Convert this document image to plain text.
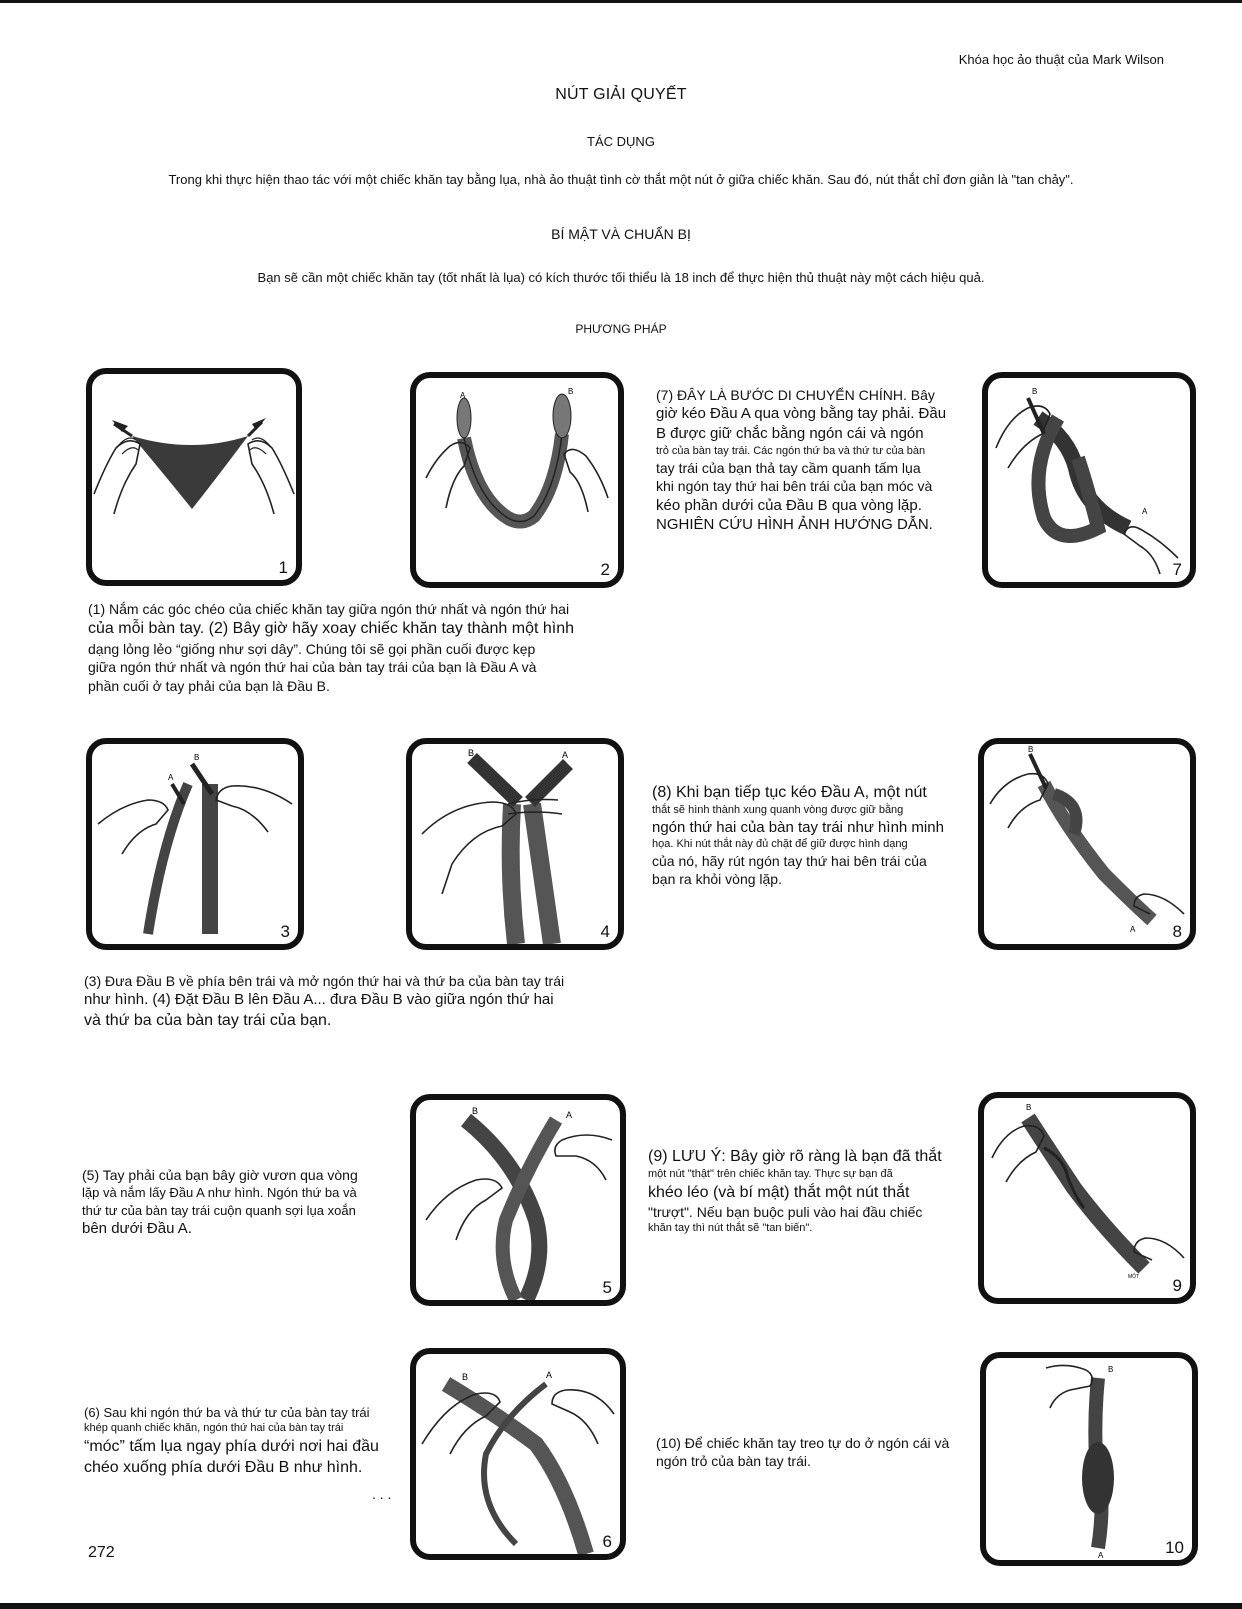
Khóa học ảo thuật của Mark Wilson
NÚT GIẢI QUYẾT
TÁC DỤNG
Trong khi thực hiện thao tác với một chiếc khăn tay bằng lụa, nhà ảo thuật tình cờ thắt một nút ở giữa chiếc khăn. Sau đó, nút thắt chỉ đơn giản là "tan chảy".
BÍ MẬT VÀ CHUẨN BỊ
Bạn sẽ cần một chiếc khăn tay (tốt nhất là lụa) có kích thước tối thiểu là 18 inch để thực hiện thủ thuật này một cách hiệu quả.
PHƯƠNG PHÁP
(1) Nắm các góc chéo của chiếc khăn tay giữa ngón thứ nhất và ngón thứ hai
của mỗi bàn tay. (2) Bây giờ hãy xoay chiếc khăn tay thành một hình
dạng lỏng lẻo “giống như sợi dây”. Chúng tôi sẽ gọi phần cuối được kẹp
giữa ngón thứ nhất và ngón thứ hai của bàn tay trái của bạn là Đầu A và
phần cuối ở tay phải của bạn là Đầu B.
(7) ĐÂY LÀ BƯỚC DI CHUYỂN CHÍNH. Bây
giờ kéo Đầu A qua vòng bằng tay phải. Đầu
B được giữ chắc bằng ngón cái và ngón
trỏ của bàn tay trái. Các ngón thứ ba và thứ tư của bàn
tay trái của bạn thả tay cầm quanh tấm lụa
khi ngón tay thứ hai bên trái của bạn móc và
kéo phần dưới của Đầu B qua vòng lặp.
NGHIÊN CỨU HÌNH ẢNH HƯỚNG DẪN.
(3) Đưa Đầu B về phía bên trái và mở ngón thứ hai và thứ ba của bàn tay trái
như hình. (4) Đặt Đầu B lên Đầu A... đưa Đầu B vào giữa ngón thứ hai
và thứ ba của bàn tay trái của bạn.
(8) Khi bạn tiếp tục kéo Đầu A, một nút
thắt sẽ hình thành xung quanh vòng được giữ bằng
ngón thứ hai của bàn tay trái như hình minh
họa. Khi nút thắt này đủ chặt để giữ được hình dạng
của nó, hãy rút ngón tay thứ hai bên trái của
bạn ra khỏi vòng lặp.
(5) Tay phải của bạn bây giờ vươn qua vòng
lặp và nắm lấy Đầu A như hình. Ngón thứ ba và
thứ tư của bàn tay trái cuộn quanh sợi lụa xoắn
bên dưới Đầu A.
(9) LƯU Ý: Bây giờ rõ ràng là bạn đã thắt
một nút "thật" trên chiếc khăn tay. Thực sự bạn đã
khéo léo (và bí mật) thắt một nút thắt
"trượt". Nếu bạn buộc puli vào hai đầu chiếc
khăn tay thì nút thắt sẽ "tan biến".
(6) Sau khi ngón thứ ba và thứ tư của bàn tay trái
khép quanh chiếc khăn, ngón thứ hai của bàn tay trái
“móc” tấm lụa ngay phía dưới nơi hai đầu
chéo xuống phía dưới Đầu B như hình.
. . .
(10) Để chiếc khăn tay treo tự do ở ngón cái và
ngón trỏ của bàn tay trái.
1
A	B
2
B
A
7
B
A
3
B	A
4
B
A 8
B	A
5
B
MỘT 9
B	A
6
B
A	10
272
